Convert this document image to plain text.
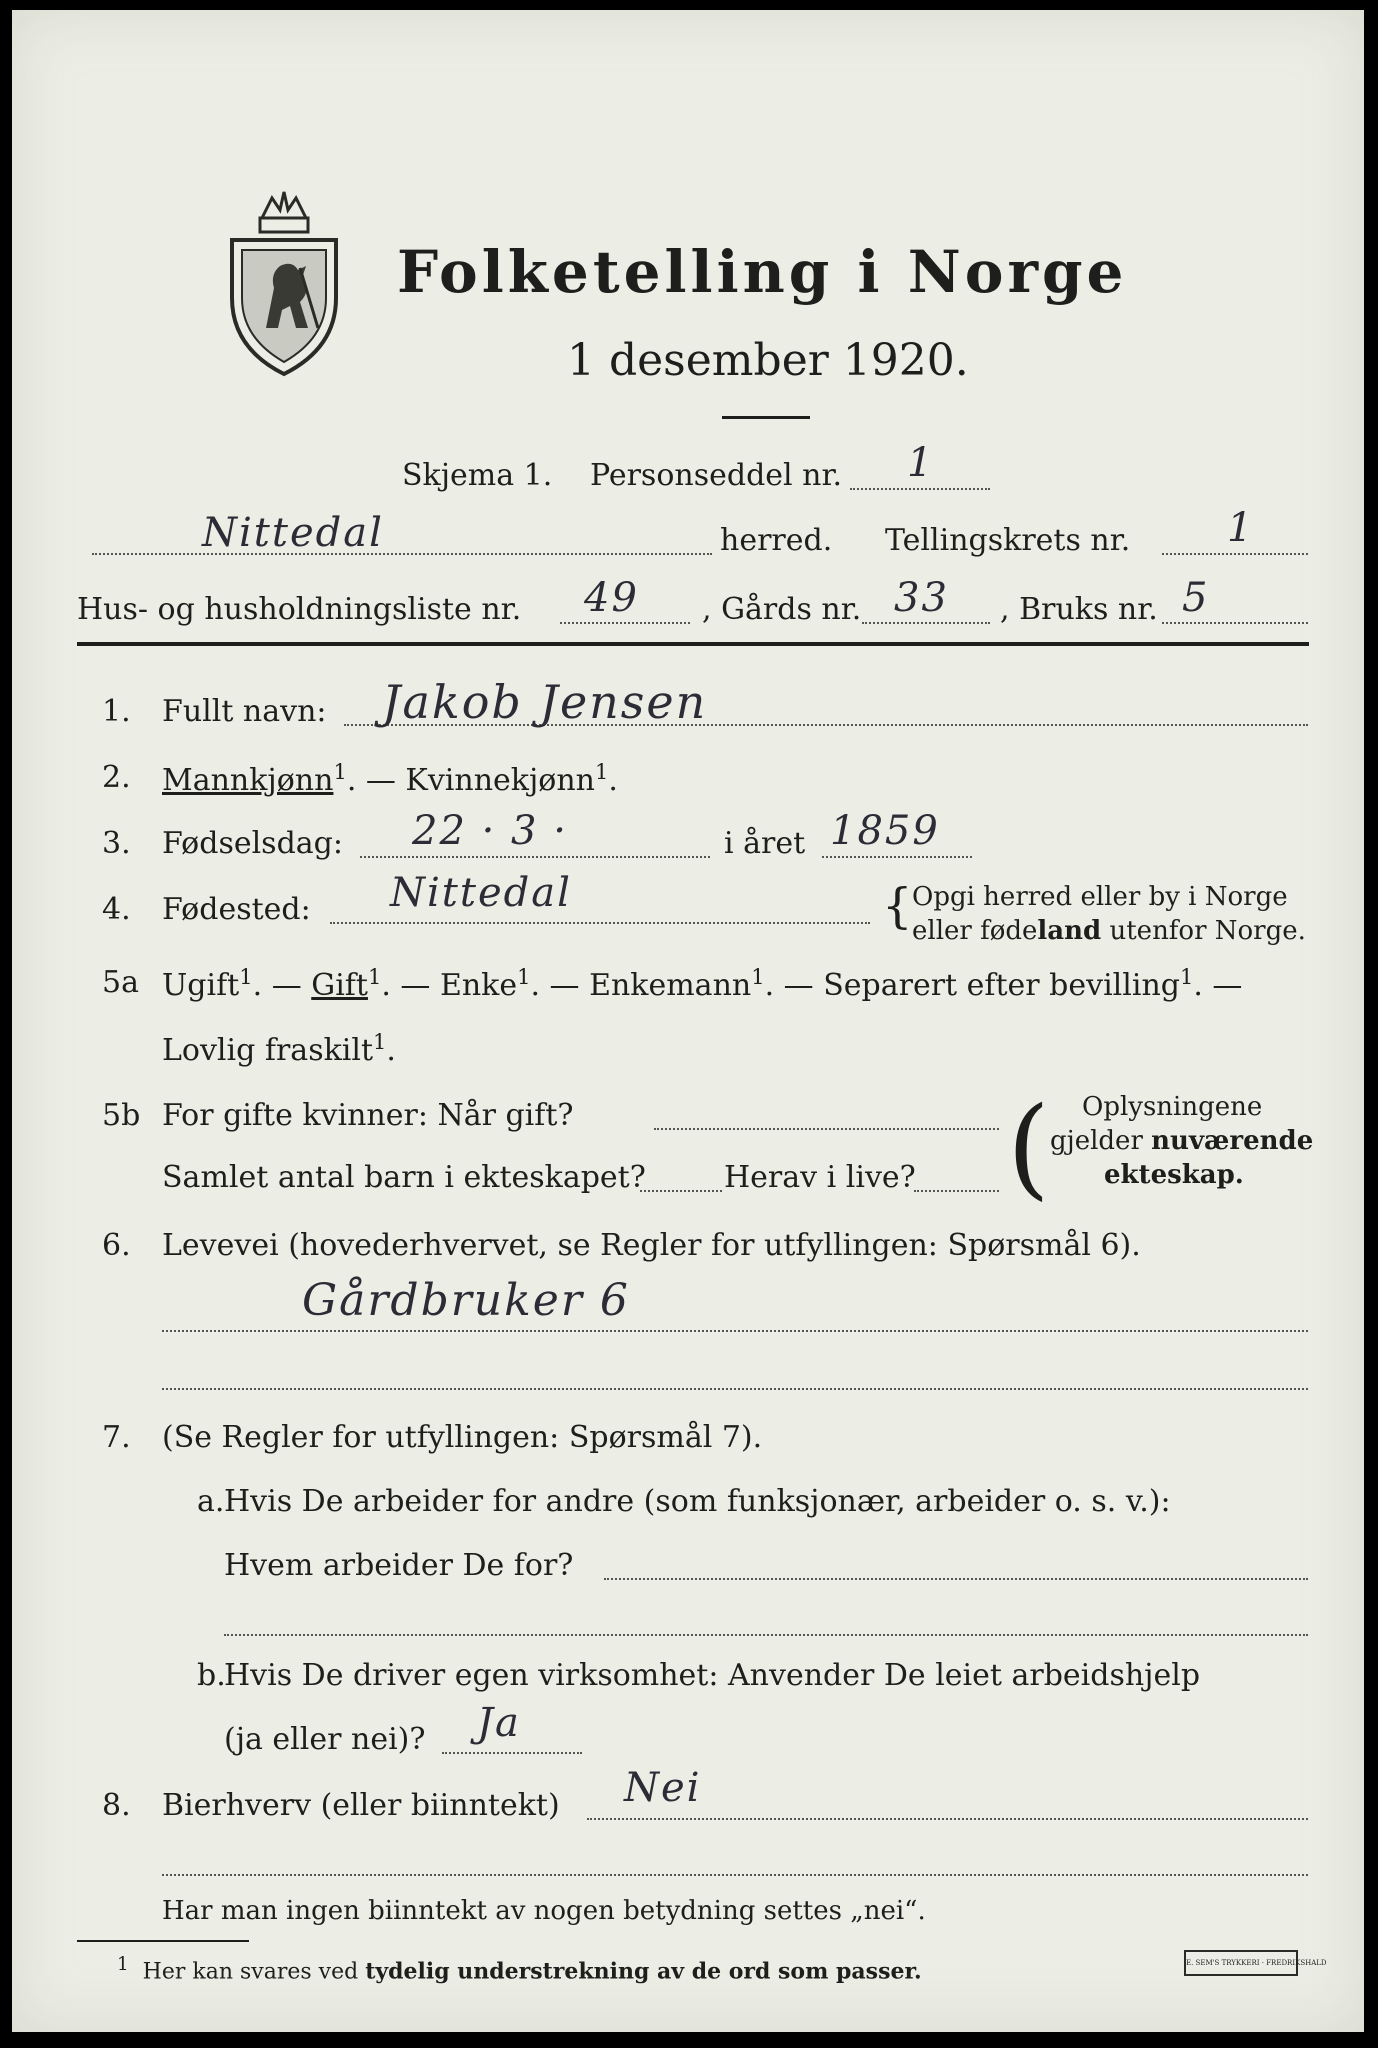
Folketelling i Norge
1 desember 1920.
Skjema 1. Personseddel nr. 1
Nittedal	herred. Tellingskrets nr. 1
Hus- og husholdningsliste nr. 49 , Gårds nr. 33 , Bruks nr. 5
1. Fullt navn: Jakob Jensen
2. Mannkjønn$^1$. — Kvinnekjønn$^1$.
3. Fødselsdag: 22 · 3 ·	i året 1859
4. Fødested: Nittedal	{ Opgi herred eller by i Norge
eller fødeland utenfor Norge.
5a Ugift$^1$. — Gift$^1$. — Enke$^1$. — Enkemann$^1$. — Separert efter bevilling$^1$. —
Lovlig fraskilt$^1$.
5b For gifte kvinner: Når gift?
Samlet antal barn i ekteskapet?	Herav i live? ( Oplysningene
gjelder nuværende
ekteskap.
6. Levevei (hovederhvervet, se Regler for utfyllingen: Spørsmål 6).
Gårdbruker 6
7. (Se Regler for utfyllingen: Spørsmål 7).
a. Hvis De arbeider for andre (som funksjonær, arbeider o. s. v.):
Hvem arbeider De for?
b.
Hvis De driver egen virksomhet: Anvender De leiet arbeidshjelp
(ja eller nei)? Ja
8. Bierhverv (eller biinntekt) Nei
Har man ingen biinntekt av nogen betydning settes „nei“.
$^1$ Her kan svares ved tydelig understrekning av de ord som passer.	E. SEM'S TRYKKERI · FREDRIKSHALD
